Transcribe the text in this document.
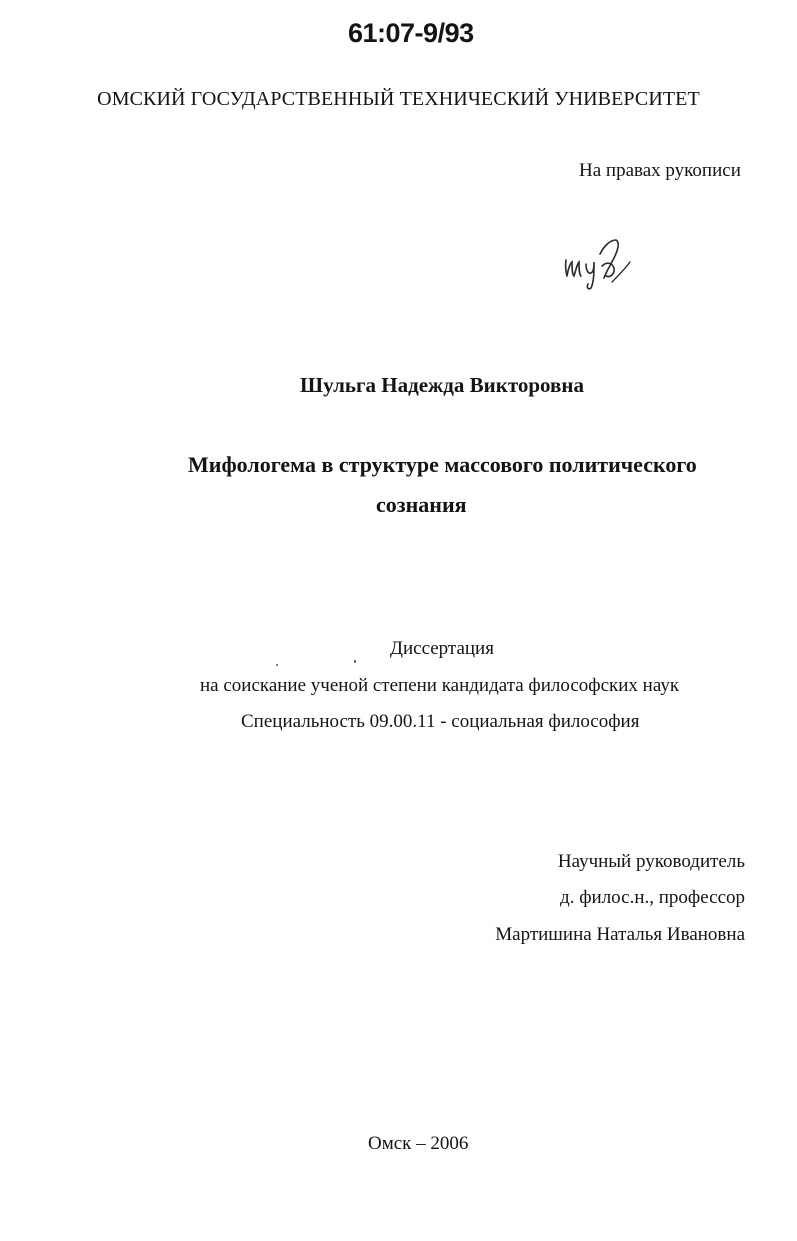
61:07-9/93
ОМСКИЙ ГОСУДАРСТВЕННЫЙ ТЕХНИЧЕСКИЙ УНИВЕРСИТЕТ
На правах рукописи
Шульга Надежда Викторовна
Мифологема в структуре массового политического
сознания
Диссертация
на соискание ученой степени кандидата философских наук
Специальность 09.00.11 - социальная философия
Научный руководитель
д. филос.н., профессор
Мартишина Наталья Ивановна
Омск – 2006
